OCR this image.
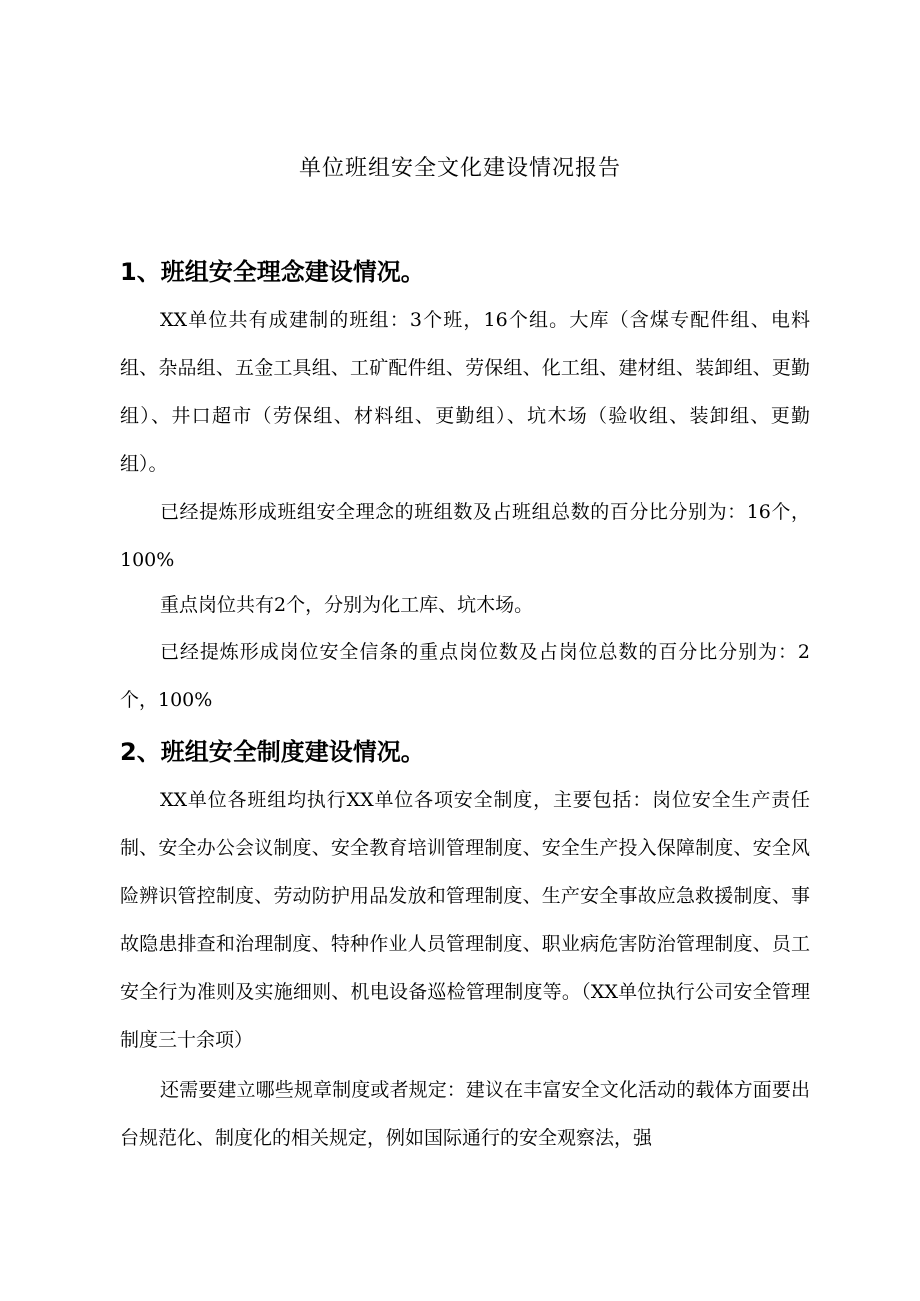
单位班组安全文化建设情况报告
1、班组安全理念建设情况。

XX单位共有成建制的班组：3个班，16个组。大库（含煤专配件组、电料组、杂品组、五金工具组、工矿配件组、劳保组、化工组、建材组、装卸组、更勤组）、井口超市（劳保组、材料组、更勤组）、坑木场（验收组、装卸组、更勤组）。

已经提炼形成班组安全理念的班组数及占班组总数的百分比分别为：16个，100%

重点岗位共有2个，分别为化工库、坑木场。

已经提炼形成岗位安全信条的重点岗位数及占岗位总数的百分比分别为：2个，100%

2、班组安全制度建设情况。

XX单位各班组均执行XX单位各项安全制度，主要包括：岗位安全生产责任制、安全办公会议制度、安全教育培训管理制度、安全生产投入保障制度、安全风险辨识管控制度、劳动防护用品发放和管理制度、生产安全事故应急救援制度、事故隐患排查和治理制度、特种作业人员管理制度、职业病危害防治管理制度、员工安全行为准则及实施细则、机电设备巡检管理制度等。（XX单位执行公司安全管理制度三十余项）

还需要建立哪些规章制度或者规定：建议在丰富安全文化活动的载体方面要出台规范化、制度化的相关规定，例如国际通行的安全观察法，强
